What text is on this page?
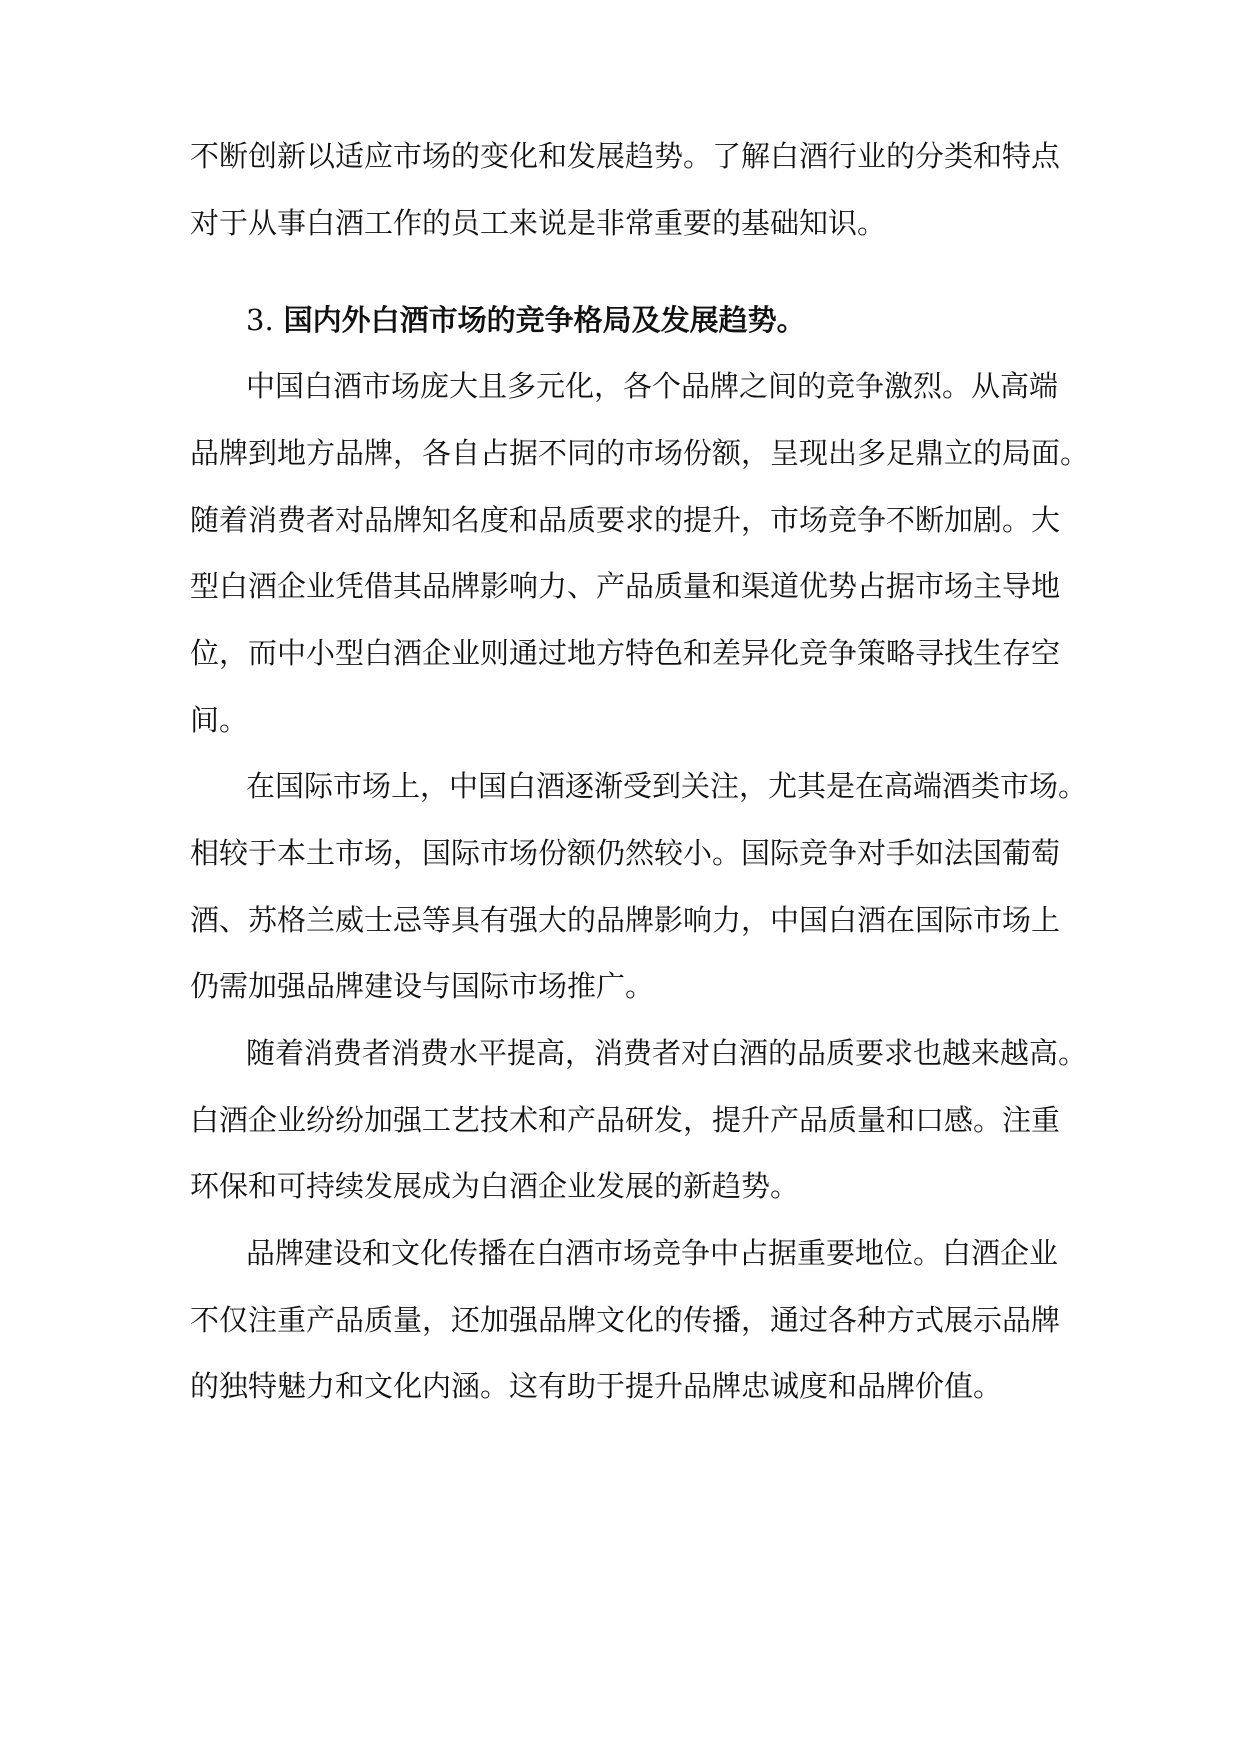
不断创新以适应市场的变化和发展趋势。了解白酒行业的分类和特点
对于从事白酒工作的员工来说是非常重要的基础知识。
3. 国内外白酒市场的竞争格局及发展趋势。
中国白酒市场庞大且多元化，各个品牌之间的竞争激烈。从高端
品牌到地方品牌，各自占据不同的市场份额，呈现出多足鼎立的局面。
随着消费者对品牌知名度和品质要求的提升，市场竞争不断加剧。大
型白酒企业凭借其品牌影响力、产品质量和渠道优势占据市场主导地
位，而中小型白酒企业则通过地方特色和差异化竞争策略寻找生存空
间。
在国际市场上，中国白酒逐渐受到关注，尤其是在高端酒类市场。
相较于本土市场，国际市场份额仍然较小。国际竞争对手如法国葡萄
酒、苏格兰威士忌等具有强大的品牌影响力，中国白酒在国际市场上
仍需加强品牌建设与国际市场推广。
随着消费者消费水平提高，消费者对白酒的品质要求也越来越高。
白酒企业纷纷加强工艺技术和产品研发，提升产品质量和口感。注重
环保和可持续发展成为白酒企业发展的新趋势。
品牌建设和文化传播在白酒市场竞争中占据重要地位。白酒企业
不仅注重产品质量，还加强品牌文化的传播，通过各种方式展示品牌
的独特魅力和文化内涵。这有助于提升品牌忠诚度和品牌价值。
